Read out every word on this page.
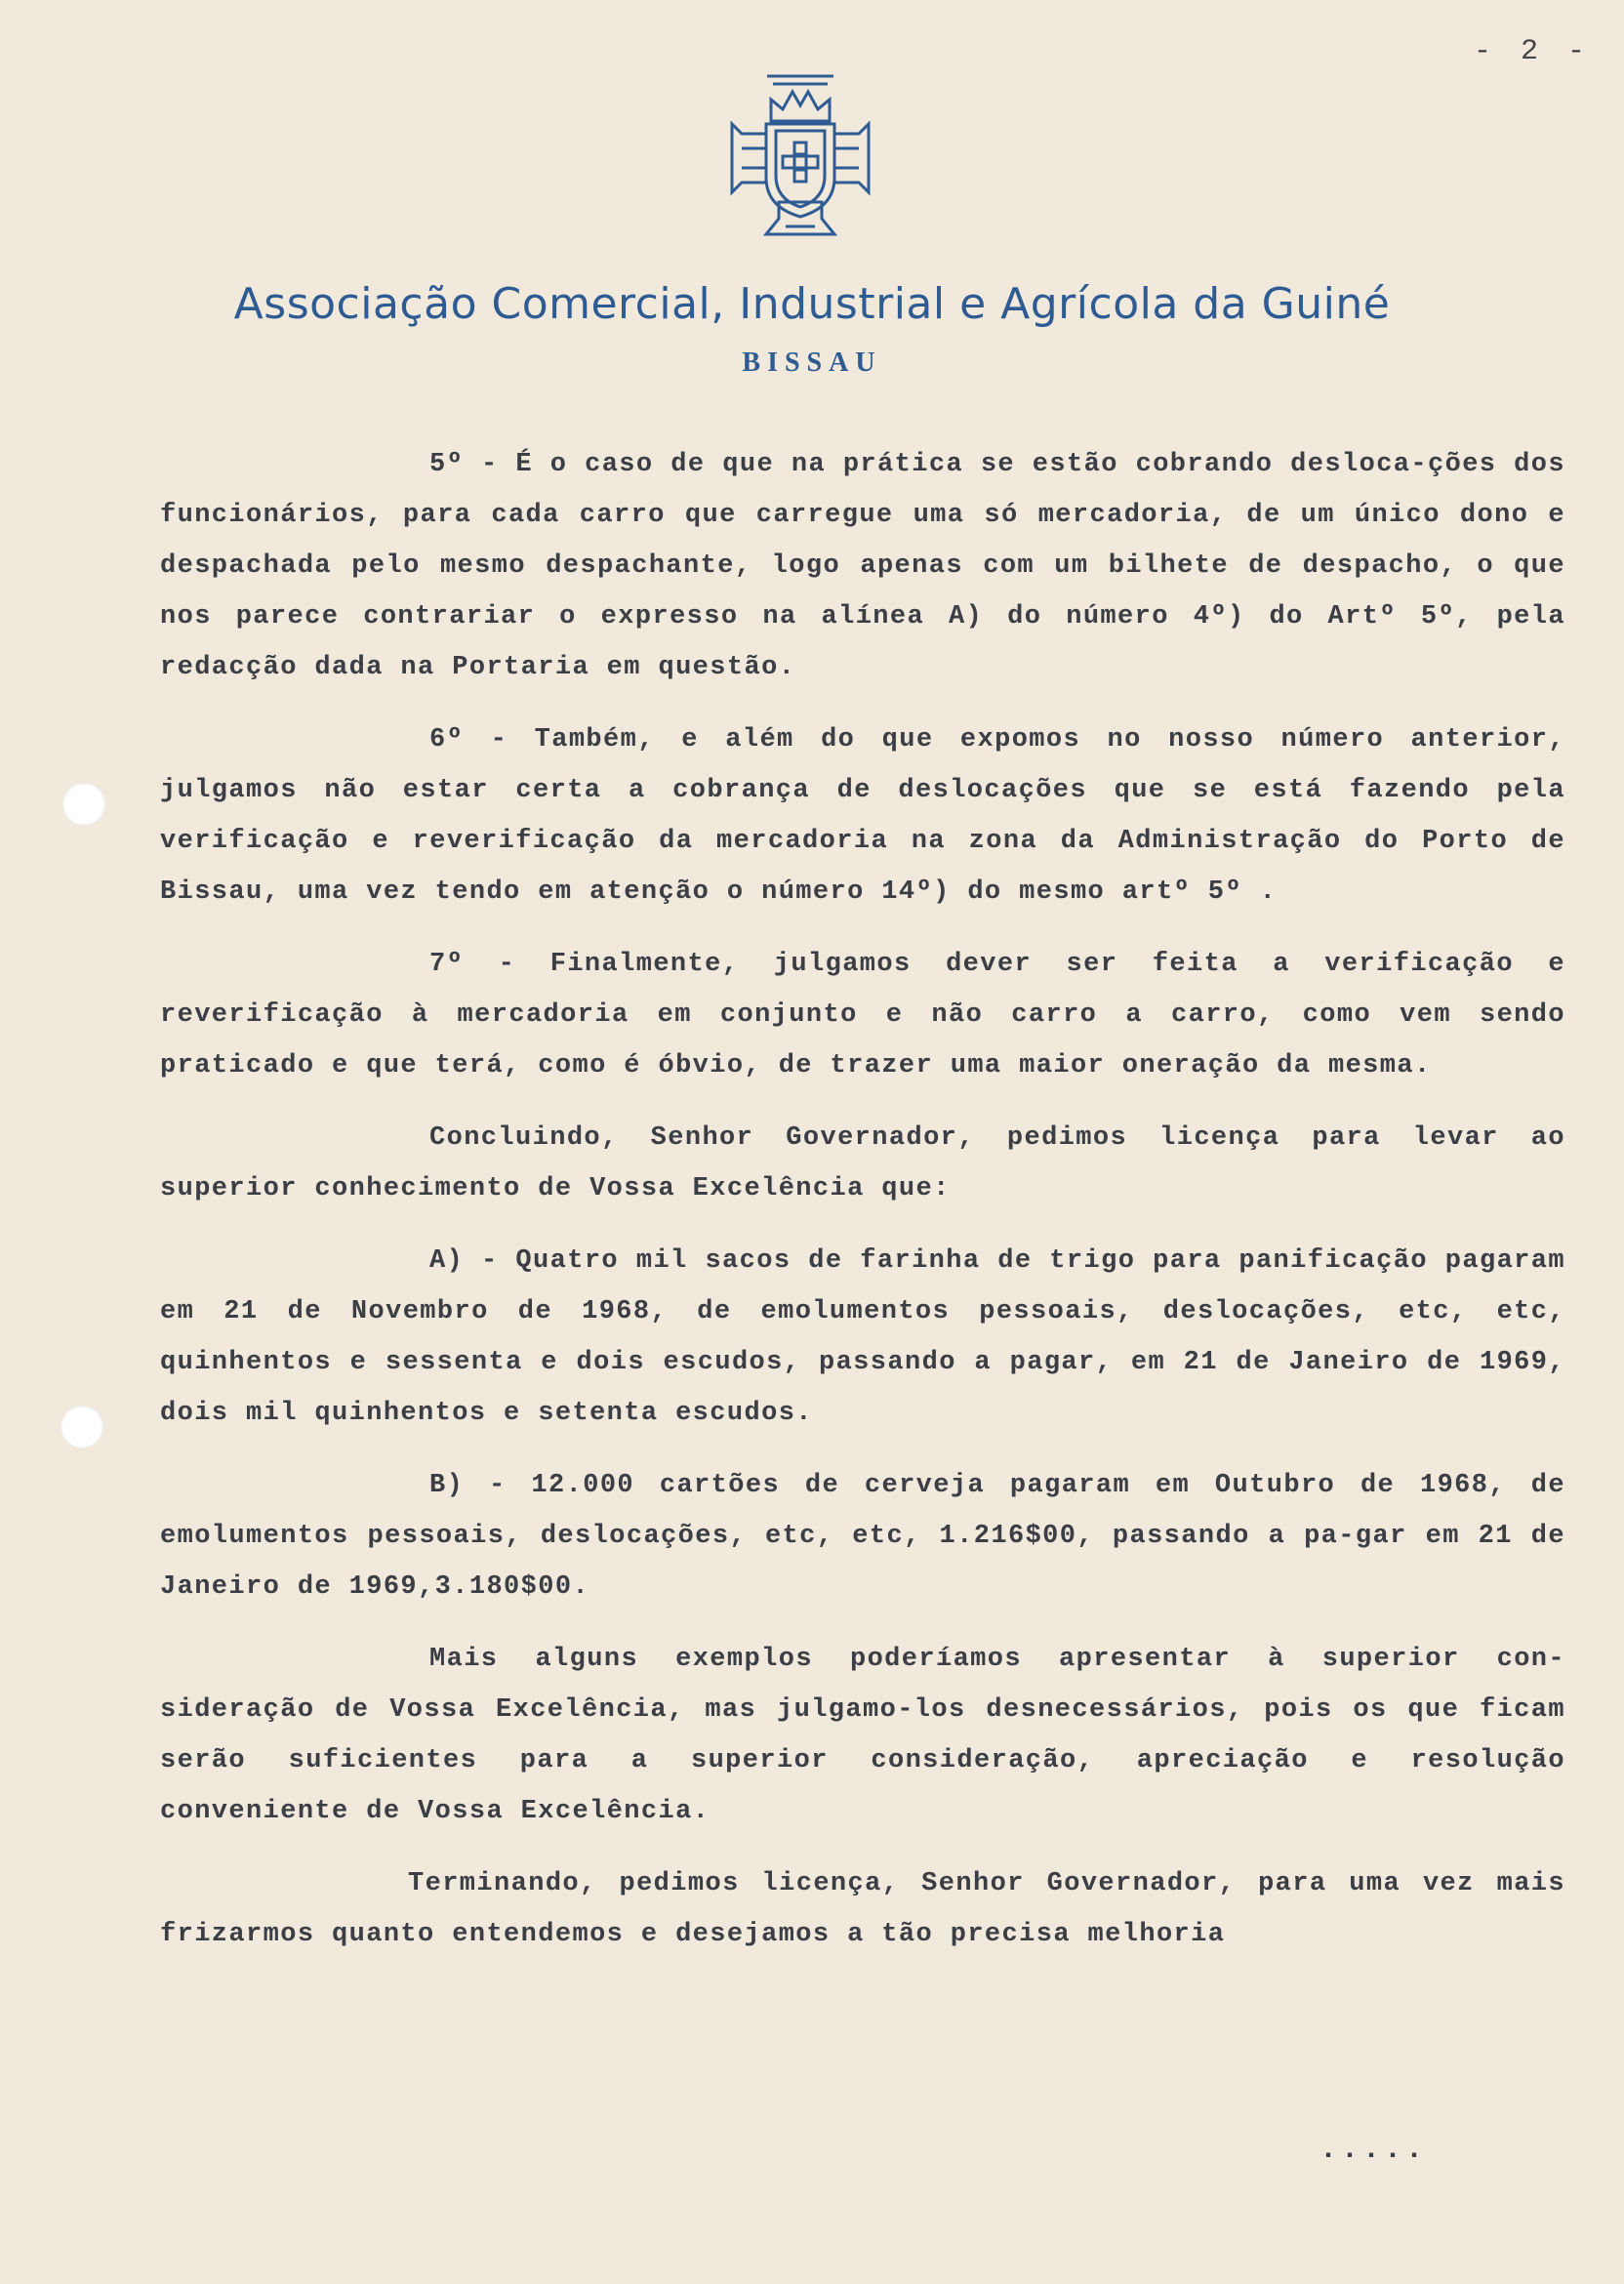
- 2 -
Associação Comercial, Industrial e Agrícola da Guiné
BISSAU

5º - É o caso de que na prática se estão cobrando desloca-ções dos funcionários, para cada carro que carregue uma só mercadoria, de um único dono e despachada pelo mesmo despachante, logo apenas com um bilhete de despacho, o que nos parece contrariar o expresso na alínea A) do número 4º) do Artº 5º, pela redacção dada na Portaria em questão.

6º - Também, e além do que expomos no nosso número anterior, julgamos não estar certa a cobrança de deslocações que se está fazendo pela verificação e reverificação da mercadoria na zona da Administração do Porto de Bissau, uma vez tendo em atenção o número 14º) do mesmo artº 5º .

7º - Finalmente, julgamos dever ser feita a verificação e reverificação à mercadoria em conjunto e não carro a carro, como vem sendo praticado e que terá, como é óbvio, de trazer uma maior oneração da mesma.

Concluindo, Senhor Governador, pedimos licença para levar ao superior conhecimento de Vossa Excelência que:

A) - Quatro mil sacos de farinha de trigo para panificação pagaram em 21 de Novembro de 1968, de emolumentos pessoais, deslocações, etc, etc, quinhentos e sessenta e dois escudos, passando a pagar, em 21 de Janeiro de 1969, dois mil quinhentos e setenta escudos.

B) - 12.000 cartões de cerveja pagaram em Outubro de 1968, de emolumentos pessoais, deslocações, etc, etc, 1.216$00, passando a pa-gar em 21 de Janeiro de 1969,3.180$00.

Mais alguns exemplos poderíamos apresentar à superior con-sideração de Vossa Excelência, mas julgamo-los desnecessários, pois os que ficam serão suficientes para a superior consideração, apreciação e resolução conveniente de Vossa Excelência.

Terminando, pedimos licença, Senhor Governador, para uma vez mais frizarmos quanto entendemos e desejamos a tão precisa melhoria

.....
